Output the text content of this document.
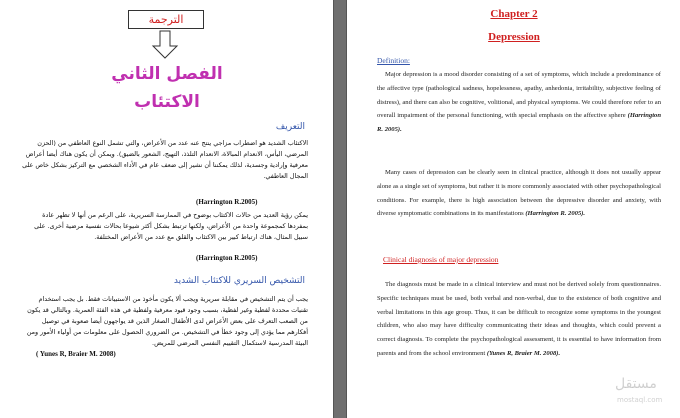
الترجمة
الفصل الثاني
الاكتئاب
التعريف
الاكتئاب الشديد هو اضطراب مزاجي ينتج عنه عدد من الأعراض، والتي تشمل النوع العاطفي من (الحزن المرضي، اليأس، الانعدام المبالاة، الانعدام التلذذ، التهيج، الشعور بالضيق). ويمكن أن يكون هناك أيضا أعراض معرفية وإرادية وجسدية، لذلك يمكننا أن نشير إلى ضعف عام في الأداء الشخصي مع التركيز بشكل خاص على المجال العاطفي.
(Harrington R.2005)
يمكن رؤية العديد من حالات الاكتئاب بوضوح في الممارسة السريرية، على الرغم من أنها لا تظهر عادة بمفردها كمجموعة واحدة من الأعراض، ولكنها ترتبط بشكل أكثر شيوعا بحالات نفسية مرضية أخرى. على سبيل المثال، هناك ارتباط كبير بين الاكتئاب والقلق مع عدد من الأعراض المختلفة.
(Harrington R.2005)
التشخيص السريري للاكتئاب الشديد
يجب أن يتم التشخيص في مقابلة سريرية ويجب ألا يكون مأخوذ من الاستبيانات فقط. بل يجب استخدام تقنيات محددة لفظية وغير لفظية، بسبب وجود قيود معرفية ولفظية في هذه الفئة العمرية. وبالتالي قد يكون من الصعب التعرف على بعض الأعراض لدى الأطفال الصغار الذين قد يواجهون أيضا صعوبة في توصيل أفكارهم مما يؤدي إلى وجود خطأ في التشخيص. من الضروري الحصول على معلومات من أولياء الأمور ومن البيئة المدرسية لاستكمال التقييم النفسي المرضي للمريض.
( Yunes R, Braier M. 2008)
تنشيط
انتقل إلى
Chapter 2
Depression
Definition:
Major depression is a mood disorder consisting of a set of symptoms, which include a predominance of the affective type (pathological sadness, hopelessness, apathy, anhedonia, irritability, subjective feeling of distress), and there can also be cognitive, volitional, and physical symptoms. We could therefore refer to an overall impairment of the personal functioning, with special emphasis on the affective sphere (Harrington R. 2005).
Many cases of depression can be clearly seen in clinical practice, although it does not usually appear alone as a single set of symptoms, but rather it is more commonly associated with other psychopathological conditions. For example, there is high association between the depressive disorder and anxiety, with diverse symptomatic combinations in its manifestations (Harrington R. 2005).
Clinical diagnosis of major depression
The diagnosis must be made in a clinical interview and must not be derived solely from questionnaires. Specific techniques must be used, both verbal and non-verbal, due to the existence of both cognitive and verbal limitations in this age group. Thus, it can be difficult to recognize some symptoms in the youngest children, who also may have difficulty communicating their ideas and thoughts, which could prevent a correct diagnosis. To complete the psychopathological assessment, it is essential to have information from parents and from the school environment (Yunes R, Braier M. 2008).
مستقل
mostaql.com
